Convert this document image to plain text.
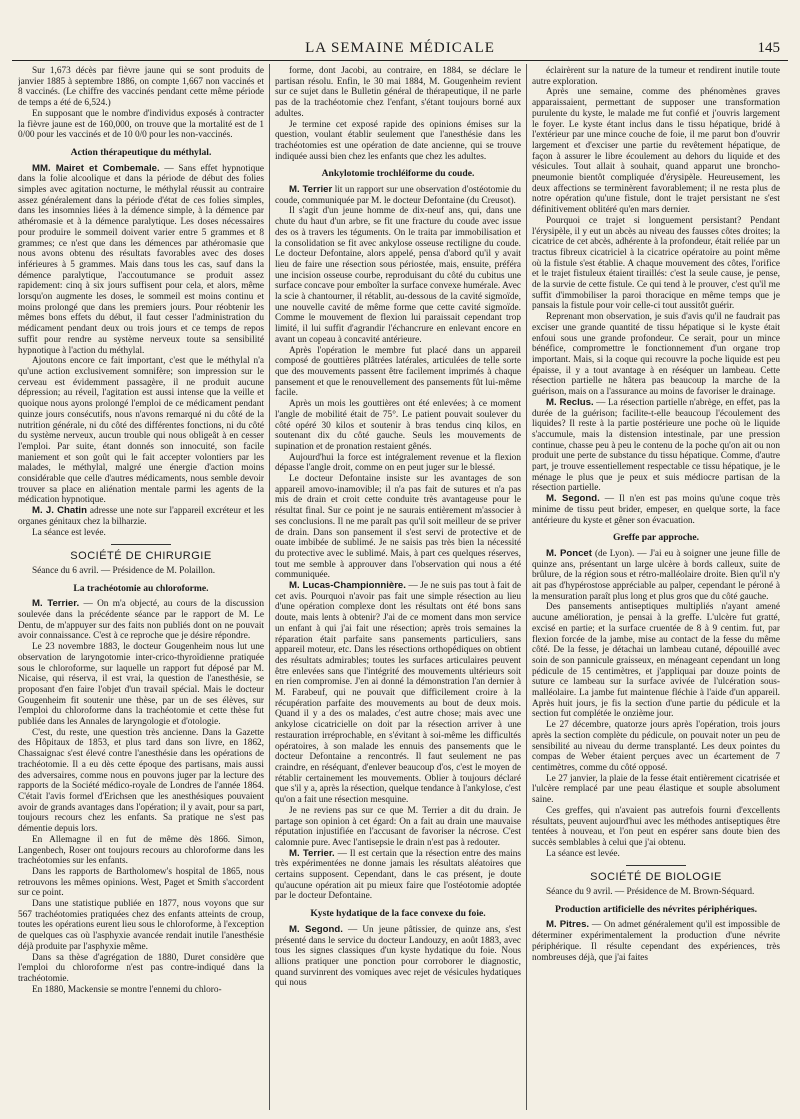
LA SEMAINE MÉDICALE	145

Sur 1,673 décès par fièvre jaune qui se sont produits de janvier 1885 à septembre 1886, on compte 1,667 non vaccinés et 8 vaccinés. (Le chiffre des vaccinés pendant cette même période de temps a été de 6,524.)

En supposant que le nombre d'individus exposés à contracter la fièvre jaune est de 160,000, on trouve que la mortalité est de 1 0/00 pour les vaccinés et de 10 0/0 pour les non-vaccinés.

Action thérapeutique du méthylal.

MM. Mairet et Combemale. — Sans effet hypnotique dans la folie alcoolique et dans la période de début des folies simples avec agitation nocturne, le méthylal réussit au contraire assez généralement dans la période d'état de ces folies simples, dans les insomnies liées à la démence simple, à la démence par athéromasie et à la démence paralytique. Les doses nécessaires pour produire le sommeil doivent varier entre 5 grammes et 8 grammes; ce n'est que dans les démences par athéromasie que nous avons obtenu des résultats favorables avec des doses inférieures à 5 grammes. Mais dans tous les cas, sauf dans la démence paralytique, l'accoutumance se produit assez rapidement: cinq à six jours suffisent pour cela, et alors, même lorsqu'on augmente les doses, le sommeil est moins continu et moins prolongé que dans les premiers jours. Pour réobtenir les mêmes bons effets du début, il faut cesser l'administration du médicament pendant deux ou trois jours et ce temps de repos suffit pour rendre au système nerveux toute sa sensibilité hypnotique à l'action du méthylal.

Ajoutons encore ce fait important, c'est que le méthylal n'a qu'une action exclusivement somnifère; son impression sur le cerveau est évidemment passagère, il ne produit aucune dépression; au réveil, l'agitation est aussi intense que la veille et quoique nous ayons prolongé l'emploi de ce médicament pendant quinze jours consécutifs, nous n'avons remarqué ni du côté de la nutrition générale, ni du côté des différentes fonctions, ni du côté du système nerveux, aucun trouble qui nous obligeât à en cesser l'emploi. Par suite, étant donnés son innocuité, son facile maniement et son goût qui le fait accepter volontiers par les malades, le méthylal, malgré une énergie d'action moins considérable que celle d'autres médicaments, nous semble devoir trouver sa place en aliénation mentale parmi les agents de la médication hypnotique.

M. J. Chatin adresse une note sur l'appareil excréteur et les organes génitaux chez la bilharzie.

La séance est levée.

SOCIÉTÉ DE CHIRURGIE

Séance du 6 avril. — Présidence de M. Polaillon.

La trachéotomie au chloroforme.

M. Terrier. — On m'a objecté, au cours de la discussion soulevée dans la précédente séance par le rapport de M. Le Dentu, de m'appuyer sur des faits non publiés dont on ne pouvait avoir connaissance. C'est à ce reproche que je désire répondre.

Le 23 novembre 1883, le docteur Gougenheim nous lut une observation de laryngotomie inter-crico-thyroïdienne pratiquée sous le chloroforme, sur laquelle un rapport fut déposé par M. Nicaise, qui réserva, il est vrai, la question de l'anesthésie, se proposant d'en faire l'objet d'un travail spécial. Mais le docteur Gougenheim fit soutenir une thèse, par un de ses élèves, sur l'emploi du chloroforme dans la trachéotomie et cette thèse fut publiée dans les Annales de laryngologie et d'otologie.

C'est, du reste, une question très ancienne. Dans la Gazette des Hôpitaux de 1853, et plus tard dans son livre, en 1862, Chassaignac s'est élevé contre l'anesthésie dans les opérations de trachéotomie. Il a eu dès cette époque des partisans, mais aussi des adversaires, comme nous en pouvons juger par la lecture des rapports de la Société médico-royale de Londres de l'année 1864. C'était l'avis formel d'Erichsen que les anesthésiques pouvaient avoir de grands avantages dans l'opération; il y avait, pour sa part, toujours recours chez les enfants. Sa pratique ne s'est pas démentie depuis lors.

En Allemagne il en fut de même dès 1866. Simon, Langenbech, Roser ont toujours recours au chloroforme dans les trachéotomies sur les enfants.

Dans les rapports de Bartholomew's hospital de 1865, nous retrouvons les mêmes opinions. West, Paget et Smith s'accordent sur ce point.

Dans une statistique publiée en 1877, nous voyons que sur 567 trachéotomies pratiquées chez des enfants atteints de croup, toutes les opérations eurent lieu sous le chloroforme, à l'exception de quelques cas où l'asphyxie avancée rendait inutile l'anesthésie déjà produite par l'asphyxie même.

Dans sa thèse d'agrégation de 1880, Duret considère que l'emploi du chloroforme n'est pas contre-indiqué dans la trachéotomie.

En 1880, Mackensie se montre l'ennemi du chloro-

forme, dont Jacobi, au contraire, en 1884, se déclare le partisan résolu. Enfin, le 30 mai 1884, M. Gougenheim revient sur ce sujet dans le Bulletin général de thérapeutique, il ne parle pas de la trachéotomie chez l'enfant, s'étant toujours borné aux adultes.

Je termine cet exposé rapide des opinions émises sur la question, voulant établir seulement que l'anesthésie dans les trachéotomies est une opération de date ancienne, qui se trouve indiquée aussi bien chez les enfants que chez les adultes.

Ankylotomie trochléiforme du coude.

M. Terrier lit un rapport sur une observation d'ostéotomie du coude, communiquée par M. le docteur Defontaine (du Creusot).

Il s'agit d'un jeune homme de dix-neuf ans, qui, dans une chute du haut d'un arbre, se fit une fracture du coude avec issue des os à travers les téguments. On le traita par immobilisation et la consolidation se fit avec ankylose osseuse rectiligne du coude. Le docteur Defontaine, alors appelé, pensa d'abord qu'il y avait lieu de faire une résection sous périostée, mais, ensuite, préféra une incision osseuse courbe, reproduisant du côté du cubitus une surface concave pour emboîter la surface convexe humérale. Avec la scie à chantourner, il rétablit, au-dessous de la cavité sigmoïde, une nouvelle cavité de même forme que cette cavité sigmoïde. Comme le mouvement de flexion lui paraissait cependant trop limité, il lui suffit d'agrandir l'échancrure en enlevant encore en avant un copeau à concavité antérieure.

Après l'opération le membre fut placé dans un appareil composé de gouttières plâtrées latérales, articulées de telle sorte que des mouvements passent être facilement imprimés à chaque pansement et que le renouvellement des pansements fût lui-même facile.

Après un mois les gouttières ont été enlevées; à ce moment l'angle de mobilité était de 75°. Le patient pouvait soulever du côté opéré 30 kilos et soutenir à bras tendus cinq kilos, en soutenant dix du côté gauche. Seuls les mouvements de supination et de pronation restaient gênés.

Aujourd'hui la force est intégralement revenue et la flexion dépasse l'angle droit, comme on en peut juger sur le blessé.

Le docteur Defontaine insiste sur les avantages de son appareil amovo-inamovible; il n'a pas fait de sutures et n'a pas mis de drain et croit cette conduite très avantageuse pour le résultat final. Sur ce point je ne saurais entièrement m'associer à ses conclusions. Il ne me paraît pas qu'il soit meilleur de se priver de drain. Dans son pansement il s'est servi de protective et de ouate imbibée de sublimé. Je ne saisis pas très bien la nécessité du protective avec le sublimé. Mais, à part ces quelques réserves, tout me semble à approuver dans l'observation qui nous a été communiquée.

M. Lucas-Championnière. — Je ne suis pas tout à fait de cet avis. Pourquoi n'avoir pas fait une simple résection au lieu d'une opération complexe dont les résultats ont été bons sans doute, mais lents à obtenir? J'ai de ce moment dans mon service un enfant à qui j'ai fait une résection; après trois semaines la réparation était parfaite sans pansements particuliers, sans appareil moteur, etc. Dans les résections orthopédiques on obtient des résultats admirables; toutes les surfaces articulaires peuvent être enlevées sans que l'intégrité des mouvements ultérieurs soit en rien compromise. J'en ai donné la démonstration l'an dernier à M. Farabeuf, qui ne pouvait que difficilement croire à la récupération parfaite des mouvements au bout de deux mois. Quand il y a des os malades, c'est autre chose; mais avec une ankylose cicatricielle on doit par la résection arriver à une restauration irréprochable, en s'évitant à soi-même les difficultés opératoires, à son malade les ennuis des pansements que le docteur Defontaine a rencontrés. Il faut seulement ne pas craindre, en réséquant, d'enlever beaucoup d'os, c'est le moyen de rétablir certainement les mouvements. Oblier à toujours déclaré que s'il y a, après la résection, quelque tendance à l'ankylose, c'est qu'on a fait une résection mesquine.

Je ne reviens pas sur ce que M. Terrier a dit du drain. Je partage son opinion à cet égard: On a fait au drain une mauvaise réputation injustifiée en l'accusant de favoriser la nécrose. C'est calomnie pure. Avec l'antisepsie le drain n'est pas à redouter.

M. Terrier. — Il est certain que la résection entre des mains très expérimentées ne donne jamais les résultats aléatoires que certains supposent. Cependant, dans le cas présent, je doute qu'aucune opération ait pu mieux faire que l'ostéotomie adoptée par le docteur Defontaine.

Kyste hydatique de la face convexe du foie.

M. Segond. — Un jeune pâtissier, de quinze ans, s'est présenté dans le service du docteur Landouzy, en août 1883, avec tous les signes classiques d'un kyste hydatique du foie. Nous allions pratiquer une ponction pour corroborer le diagnostic, quand survinrent des vomiques avec rejet de vésicules hydatiques qui nous

éclairèrent sur la nature de la tumeur et rendirent inutile toute autre exploration.

Après une semaine, comme des phénomènes graves apparaissaient, permettant de supposer une transformation purulente du kyste, le malade me fut confié et j'ouvris largement le foyer. Le kyste étant inclus dans le tissu hépatique, bridé à l'extérieur par une mince couche de foie, il me parut bon d'ouvrir largement et d'exciser une partie du revêtement hépatique, de façon à assurer le libre écoulement au dehors du liquide et des vésicules. Tout allait à souhait, quand apparut une broncho-pneumonie bientôt compliquée d'érysipèle. Heureusement, les deux affections se terminèrent favorablement; il ne resta plus de notre opération qu'une fistule, dont le trajet persistant ne s'est définitivement oblitéré qu'en mars dernier.

Pourquoi ce trajet si longuement persistant? Pendant l'érysipèle, il y eut un abcès au niveau des fausses côtes droites; la cicatrice de cet abcès, adhérente à la profondeur, était reliée par un tractus fibreux cicatriciel à la cicatrice opératoire au point même où la fistule s'est établie. A chaque mouvement des côtes, l'orifice et le trajet fistuleux étaient tiraillés: c'est la seule cause, je pense, de la survie de cette fistule. Ce qui tend à le prouver, c'est qu'il me suffit d'immobiliser la paroi thoracique en même temps que je pansais la fistule pour voir celle-ci tout aussitôt guérir.

Reprenant mon observation, je suis d'avis qu'il ne faudrait pas exciser une grande quantité de tissu hépatique si le kyste était enfoui sous une grande profondeur. Ce serait, pour un mince bénéfice, compromettre le fonctionnement d'un organe trop important. Mais, si la coque qui recouvre la poche liquide est peu épaisse, il y a tout avantage à en réséquer un lambeau. Cette résection partielle ne hâtera pas beaucoup la marche de la guérison, mais on a l'assurance au moins de favoriser le drainage.

M. Reclus. — La résection partielle n'abrège, en effet, pas la durée de la guérison; facilite-t-elle beaucoup l'écoulement des liquides? Il reste à la partie postérieure une poche où le liquide s'accumule, mais la distension intestinale, par une pression continue, chasse peu à peu le contenu de la poche qu'on ait ou non produit une perte de substance du tissu hépatique. Comme, d'autre part, je trouve essentiellement respectable ce tissu hépatique, je le ménage le plus que je peux et suis médiocre partisan de la résection partielle.

M. Segond. — Il n'en est pas moins qu'une coque très minime de tissu peut brider, empeser, en quelque sorte, la face antérieure du kyste et gêner son évacuation.

Greffe par approche.

M. Poncet (de Lyon). — J'ai eu à soigner une jeune fille de quinze ans, présentant un large ulcère à bords calleux, suite de brûlure, de la région sous et rétro-malléolaire droite. Bien qu'il n'y ait pas d'hypérostose appréciable au palper, cependant le péroné à la mensuration paraît plus long et plus gros que du côté gauche.

Des pansements antiseptiques multipliés n'ayant amené aucune amélioration, je pensai à la greffe. L'ulcère fut gratté, excisé en partie; et la surface cruentée de 8 à 9 centim. fut, par flexion forcée de la jambe, mise au contact de la fesse du même côté. De la fesse, je détachai un lambeau cutané, dépouillé avec soin de son pannicule graisseux, en ménageant cependant un long pédicule de 15 centimètres, et j'appliquai par douze points de suture ce lambeau sur la surface avivée de l'ulcération sous-malléolaire. La jambe fut maintenue fléchie à l'aide d'un appareil. Après huit jours, je fis la section d'une partie du pédicule et la section fut complétée le onzième jour.

Le 27 décembre, quatorze jours après l'opération, trois jours après la section complète du pédicule, on pouvait noter un peu de sensibilité au niveau du derme transplanté. Les deux pointes du compas de Weber étaient perçues avec un écartement de 7 centimètres, comme du côté opposé.

Le 27 janvier, la plaie de la fesse était entièrement cicatrisée et l'ulcère remplacé par une peau élastique et souple absolument saine.

Ces greffes, qui n'avaient pas autrefois fourni d'excellents résultats, peuvent aujourd'hui avec les méthodes antiseptiques être tentées à nouveau, et l'on peut en espérer sans doute bien des succès semblables à celui que j'ai obtenu.

La séance est levée.

SOCIÉTÉ DE BIOLOGIE

Séance du 9 avril. — Présidence de M. Brown-Séquard.

Production artificielle des névrites périphériques.

M. Pitres. — On admet généralement qu'il est impossible de déterminer expérimentalement la production d'une névrite périphérique. Il résulte cependant des expériences, très nombreuses déjà, que j'ai faites
